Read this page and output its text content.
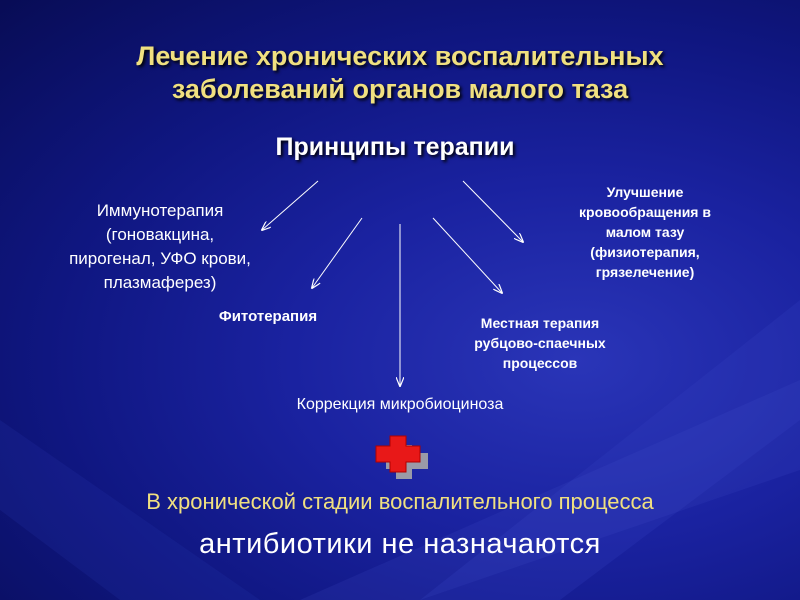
Лечение хронических воспалительных
заболеваний органов малого таза
Принципы терапии
Иммунотерапия
(гоновакцина,
пирогенал, УФО крови,
плазмаферез)
Фитотерапия
Улучшение
кровообращения в
малом тазу
(физиотерапия,
грязелечение)
Местная терапия
рубцово-спаечных
процессов
Коррекция микробиоциноза
В хронической стадии воспалительного процесса
антибиотики не назначаются
